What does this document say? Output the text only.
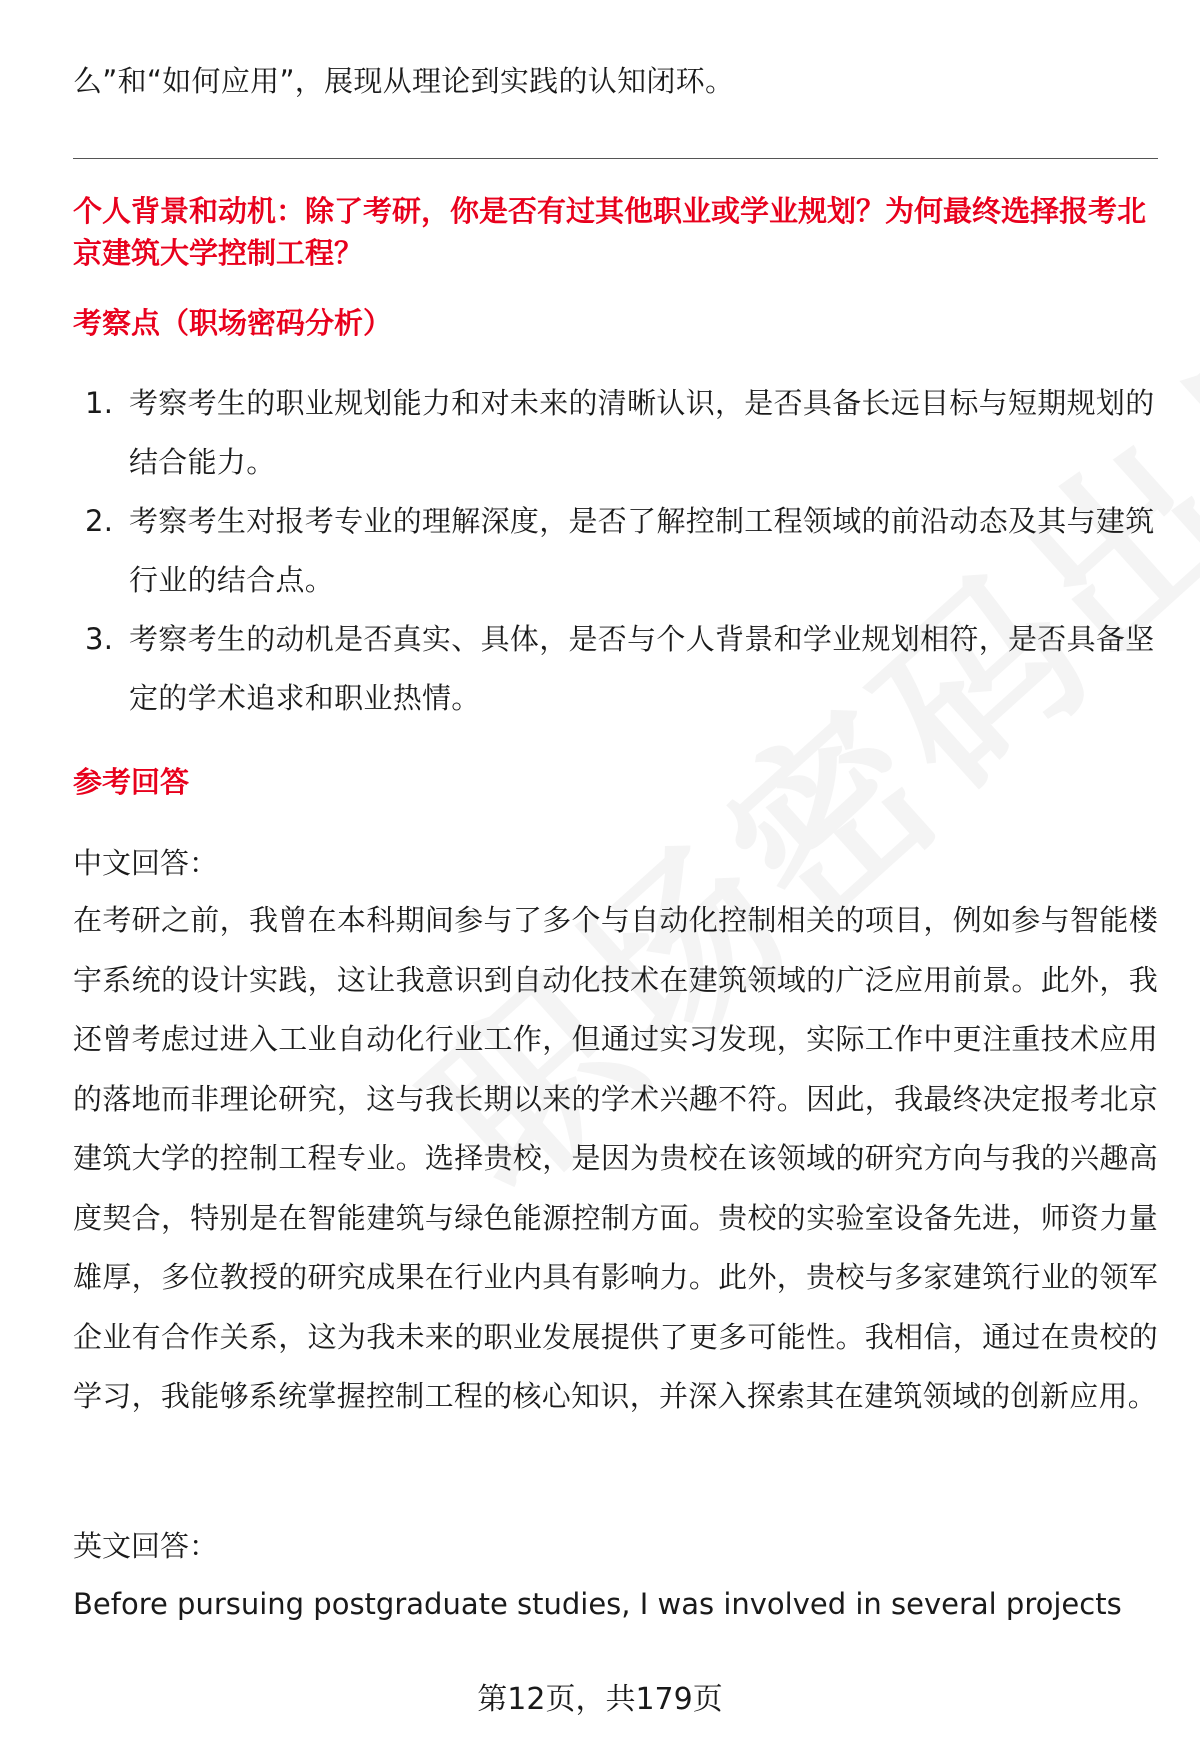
么”和“如何应用”，展现从理论到实践的认知闭环。

个人背景和动机：除了考研，你是否有过其他职业或学业规划？为何最终选择报考北京建筑大学控制工程？

考察点（职场密码分析）

1. 考察考生的职业规划能力和对未来的清晰认识，是否具备长远目标与短期规划的结合能力。
2. 考察考生对报考专业的理解深度，是否了解控制工程领域的前沿动态及其与建筑行业的结合点。
3. 考察考生的动机是否真实、具体，是否与个人背景和学业规划相符，是否具备坚定的学术追求和职业热情。

参考回答

中文回答：

在考研之前，我曾在本科期间参与了多个与自动化控制相关的项目，例如参与智能楼宇系统的设计实践，这让我意识到自动化技术在建筑领域的广泛应用前景。此外，我还曾考虑过进入工业自动化行业工作，但通过实习发现，实际工作中更注重技术应用的落地而非理论研究，这与我长期以来的学术兴趣不符。因此，我最终决定报考北京建筑大学的控制工程专业。选择贵校，是因为贵校在该领域的研究方向与我的兴趣高度契合，特别是在智能建筑与绿色能源控制方面。贵校的实验室设备先进，师资力量雄厚，多位教授的研究成果在行业内具有影响力。此外，贵校与多家建筑行业的领军企业有合作关系，这为我未来的职业发展提供了更多可能性。我相信，通过在贵校的学习，我能够系统掌握控制工程的核心知识，并深入探索其在建筑领域的创新应用。

英文回答：

Before pursuing postgraduate studies, I was involved in several projects

第12页，共179页
